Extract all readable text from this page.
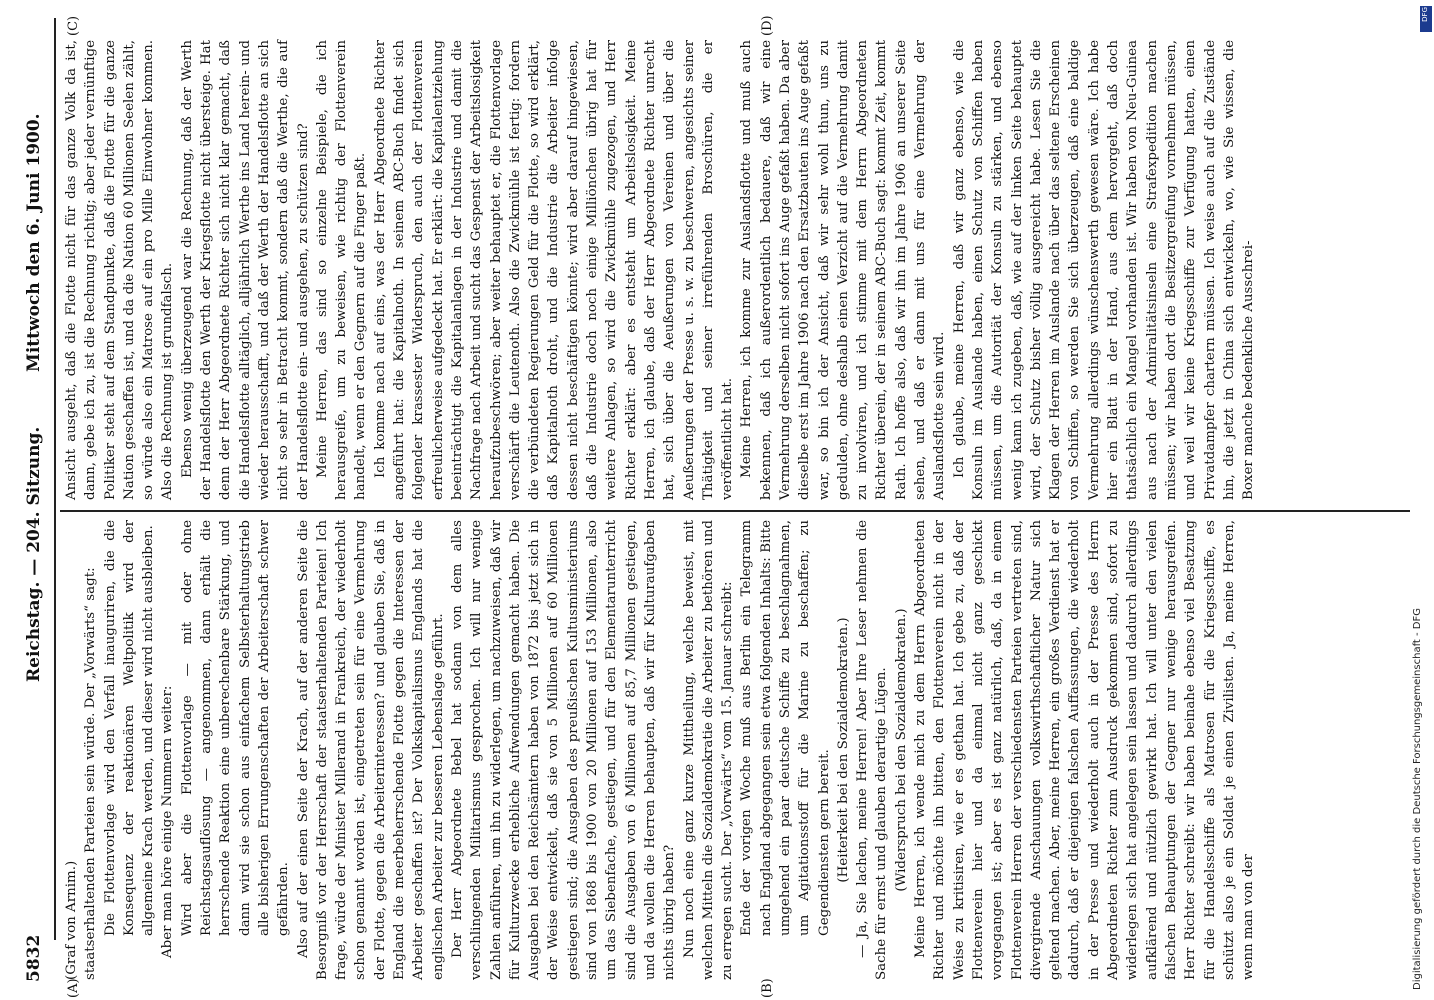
5832
Reichstag. — 204. Sitzung.
Mittwoch den 6. Juni 1900.

(Graf von Arnim.) staatserhaltenden Parteien sein würde. Der „Vorwärts“ sagt: Die Flottenvorlage wird den Verfall inauguriren, die die Konsequenz der reaktionären Weltpolitik wird der allgemeine Krach werden, und dieser wird nicht ausbleiben. Aber man höre einige Nummern weiter: Wird aber die Flottenvorlage — mit oder ohne Reichstagsauflösung — angenommen, dann erhält die herrschende Reaktion eine unberechenbare Stärkung, und dann wird sie schon aus einfachem Selbsterhaltungstrieb alle bisherigen Errungenschaften der Arbeiterschaft schwer gefährden. Also auf der einen Seite der Krach, auf der anderen Seite die Besorgniß vor der Herrschaft der staatserhaltenden Parteien! Ich frage, würde der Minister Millerand in Frankreich, der wiederholt schon genannt worden ist, eingetreten sein für eine Vermehrung der Flotte, gegen die Arbeiterinteressen? und glauben Sie, daß in England die meerbeherrschende Flotte gegen die Interessen der Arbeiter geschaffen ist? Der Volkskapitalismus Englands hat die englischen Arbeiter zur besseren Lebenslage geführt. Der Herr Abgeordnete Bebel hat sodann von dem alles verschlingenden Militarismus gesprochen. Ich will nur wenige Zahlen anführen, um ihn zu widerlegen, um nachzuweisen, daß wir für Kulturzwecke erhebliche Aufwendungen gemacht haben. Die Ausgaben bei den Reichsämtern haben von 1872 bis jetzt sich in der Weise entwickelt, daß sie von 5 Millionen auf 60 Millionen gestiegen sind; die Ausgaben des preußischen Kultusministeriums sind von 1868 bis 1900 von 20 Millionen auf 153 Millionen, also um das Siebenfache, gestiegen, und für den Elementarunterricht sind die Ausgaben von 6 Millionen auf 85,7 Millionen gestiegen, und da wollen die Herren behaupten, daß wir für Kulturaufgaben nichts übrig haben? Nun noch eine ganz kurze Mittheilung, welche beweist, mit welchen Mitteln die Sozialdemokratie die Arbeiter zu bethören und zu erregen sucht. Der „Vorwärts“ vom 15. Januar schreibt: Ende der vorigen Woche muß aus Berlin ein Telegramm nach England abgegangen sein etwa folgenden Inhalts: Bitte umgehend ein paar deutsche Schiffe zu beschlagnahmen, um Agitationsstoff für die Marine zu beschaffen; zu Gegendiensten gern bereit. (Heiterkeit bei den Sozialdemokraten.) — Ja, Sie lachen, meine Herren! Aber Ihre Leser nehmen die Sache für ernst und glauben derartige Lügen. (Widerspruch bei den Sozialdemokraten.) Meine Herren, ich wende mich zu dem Herrn Abgeordneten Richter und möchte ihn bitten, den Flottenverein nicht in der Weise zu kritisiren, wie er es gethan hat. Ich gebe zu, daß der Flottenverein hier und da einmal nicht ganz geschickt vorgegangen ist; aber es ist ganz natürlich, daß, da in einem Flottenverein Herren der verschiedensten Parteien vertreten sind, divergirende Anschauungen volkswirthschaftlicher Natur sich geltend machen. Aber, meine Herren, ein großes Verdienst hat er dadurch, daß er diejenigen falschen Auffassungen, die wiederholt in der Presse und wiederholt auch in der Presse des Herrn Abgeordneten Richter zum Ausdruck gekommen sind, sofort zu widerlegen sich hat angelegen sein lassen und dadurch allerdings aufklärend und nützlich gewirkt hat. Ich will unter den vielen falschen Behauptungen der Gegner nur wenige herausgreifen. Herr Richter schreibt: wir haben beinahe ebenso viel Besatzung für die Handelsschiffe als Matrosen für die Kriegsschiffe, es schützt also je ein Soldat je einen Zivilisten. Ja, meine Herren, wenn man von der

Ansicht ausgeht, daß die Flotte nicht für das ganze Volk da ist, dann, gebe ich zu, ist die Rechnung richtig; aber jeder vernünftige Politiker steht auf dem Standpunkte, daß die Flotte für die ganze Nation geschaffen ist, und da die Nation 60 Millionen Seelen zählt, so würde also ein Matrose auf ein pro Mille Einwohner kommen. Also die Rechnung ist grundfalsch. Ebenso wenig überzeugend war die Rechnung, daß der Werth der Handelsflotte den Werth der Kriegsflotte nicht übersteige. Hat denn der Herr Abgeordnete Richter sich nicht klar gemacht, daß die Handelsflotte alltäglich, alljährlich Werthe ins Land herein- und wieder herausschafft, und daß der Werth der Handelsflotte an sich nicht so sehr in Betracht kommt, sondern daß die Werthe, die auf der Handelsflotte ein- und ausgehen, zu schützen sind? Meine Herren, das sind so einzelne Beispiele, die ich herausgreife, um zu beweisen, wie richtig der Flottenverein handelt, wenn er den Gegnern auf die Finger paßt. Ich komme nach auf eins, was der Herr Abgeordnete Richter angeführt hat: die Kapitalnoth. In seinem ABC-Buch findet sich folgender krassester Widerspruch, den auch der Flottenverein erfreulicherweise aufgedeckt hat. Er erklärt: die Kapitalentziehung beeinträchtigt die Kapitalanlagen in der Industrie und damit die Nachfrage nach Arbeit und sucht das Gespenst der Arbeitslosigkeit heraufzubeschwören; aber weiter behauptet er, die Flottenvorlage verschärft die Leutenoth. Also die Zwickmühle ist fertig: fordern die verbündeten Regierungen Geld für die Flotte, so wird erklärt, daß Kapitalnoth droht, und die Industrie die Arbeiter infolge dessen nicht beschäftigen könnte; wird aber darauf hingewiesen, daß die Industrie doch noch einige Milliönchen übrig hat für weitere Anlagen, so wird die Zwickmühle zugezogen, und Herr Richter erklärt: aber es entsteht um Arbeitslosigkeit. Meine Herren, ich glaube, daß der Herr Abgeordnete Richter unrecht hat, sich über die Aeußerungen von Vereinen und über die Aeußerungen der Presse u. s. w. zu beschweren, angesichts seiner Thätigkeit und seiner irreführenden Broschüren, die er veröffentlicht hat. Meine Herren, ich komme zur Auslandsflotte und muß auch bekennen, daß ich außerordentlich bedauere, daß wir eine Vermehrung derselben nicht sofort ins Auge gefaßt haben. Da aber dieselbe erst im Jahre 1906 nach den Ersatzbauten ins Auge gefaßt war, so bin ich der Ansicht, daß wir sehr wohl thun, uns zu gedulden, ohne deshalb einen Verzicht auf die Vermehrung damit zu involviren, und ich stimme mit dem Herrn Abgeordneten Richter überein, der in seinem ABC-Buch sagt: kommt Zeit, kommt Rath. Ich hoffe also, daß wir ihn im Jahre 1906 an unserer Seite sehen, und daß er dann mit uns für eine Vermehrung der Auslandsflotte sein wird. Ich glaube, meine Herren, daß wir ganz ebenso, wie die Konsuln im Auslande haben, einen Schutz von Schiffen haben müssen, um die Autorität der Konsuln zu stärken, und ebenso wenig kann ich zugeben, daß, wie auf der linken Seite behauptet wird, der Schutz bisher völlig ausgereicht habe. Lesen Sie die Klagen der Herren im Auslande nach über das seltene Erscheinen von Schiffen, so werden Sie sich überzeugen, daß eine baldige Vermehrung allerdings wünschenswerth gewesen wäre. Ich habe hier ein Blatt in der Hand, aus dem hervorgeht, daß doch thatsächlich ein Mangel vorhanden ist. Wir haben von Neu-Guinea aus nach der Admiralitätsinseln eine Strafexpedition machen müssen; wir haben dort die Besitzergreifung vornehmen müssen, und weil wir keine Kriegsschiffe zur Verfügung hatten, einen Privatdampfer chartern müssen. Ich weise auch auf die Zustände hin, die jetzt in China sich entwickeln, wo, wie Sie wissen, die Boxer manche bedenkliche Ausschrei-

(A)	(B)
(C)	(D)
Digitalisierung gefördert durch die Deutsche Forschungsgemeinschaft - DFG
DFG
